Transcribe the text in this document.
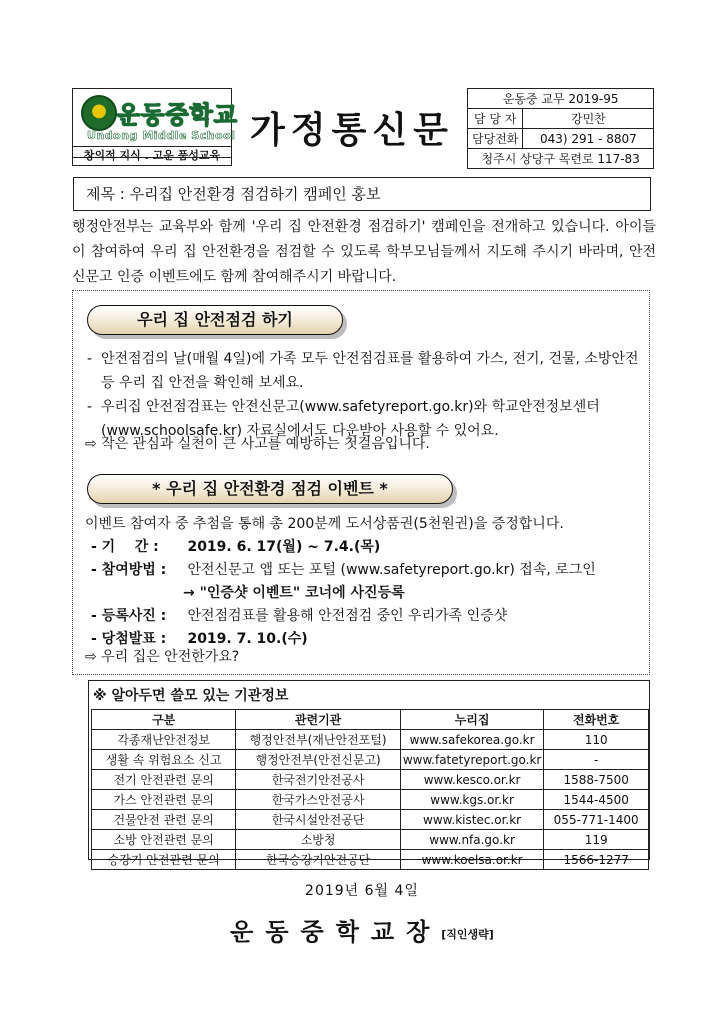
운동중학교
Undong Middle School
창의적 지식 . 고운 품성교육
가정통신문
운동중 교무 2019-95	
담 당 자	강민찬
담당전화	043) 291 - 8807
청주시 상당구 목련로 117-83	
제목 : 우리집 안전환경 점검하기 캠페인 홍보
행정안전부는 교육부와 함께 '우리 집 안전환경 점검하기' 캠페인을 전개하고 있습니다. 아이들이 참여하여 우리 집 안전환경을 점검할 수 있도록 학부모님들께서 지도해 주시기 바라며, 안전신문고 인증 이벤트에도 함께 참여해주시기 바랍니다.
우리 집 안전점검 하기
- 안전점검의 날(매월 4일)에 가족 모두 안전점검표를 활용하여 가스, 전기, 건물, 소방안전 등 우리 집 안전을 확인해 보세요.
- 우리집 안전점검표는 안전신문고(www.safetyreport.go.kr)와 학교안전정보센터(www.schoolsafe.kr) 자료실에서도 다운받아 사용할 수 있어요.
⇨ 작은 관심과 실천이 큰 사고를 예방하는 첫걸음입니다.
* 우리 집 안전환경 점검 이벤트 *
이벤트 참여자 중 추첨을 통해 총 200분께 도서상품권(5천원권)을 증정합니다.
- 기    간 : 2019. 6. 17(월) ~ 7.4.(목)
- 참여방법 : 안전신문고 앱 또는 포털 (www.safetyreport.go.kr) 접속, 로그인
→ "인증샷 이벤트" 코너에 사진등록
- 등록사진 : 안전점검표를 활용해 안전점검 중인 우리가족 인증샷
- 당첨발표 : 2019. 7. 10.(수)
⇨ 우리 집은 안전한가요?
※ 알아두면 쓸모 있는 기관정보
구분	관련기관	누리집	전화번호
각종재난안전정보	행정안전부(재난안전포털)	www.safekorea.go.kr	110
생활 속 위험요소 신고	행정안전부(안전신문고)	www.fatetyreport.go.kr	-
전기 안전관련 문의	한국전기안전공사	www.kesco.or.kr	1588-7500
가스 안전관련 문의	한국가스안전공사	www.kgs.or.kr	1544-4500
건물안전 관련 문의	한국시설안전공단	www.kistec.or.kr	055-771-1400
소방 안전관련 문의	소방청	www.nfa.go.kr	119
승강기 안전관련 문의	한국승강기안전공단	www.koelsa.or.kr	1566-1277
2019년 6월 4일
운동중학교장[직인생략]
